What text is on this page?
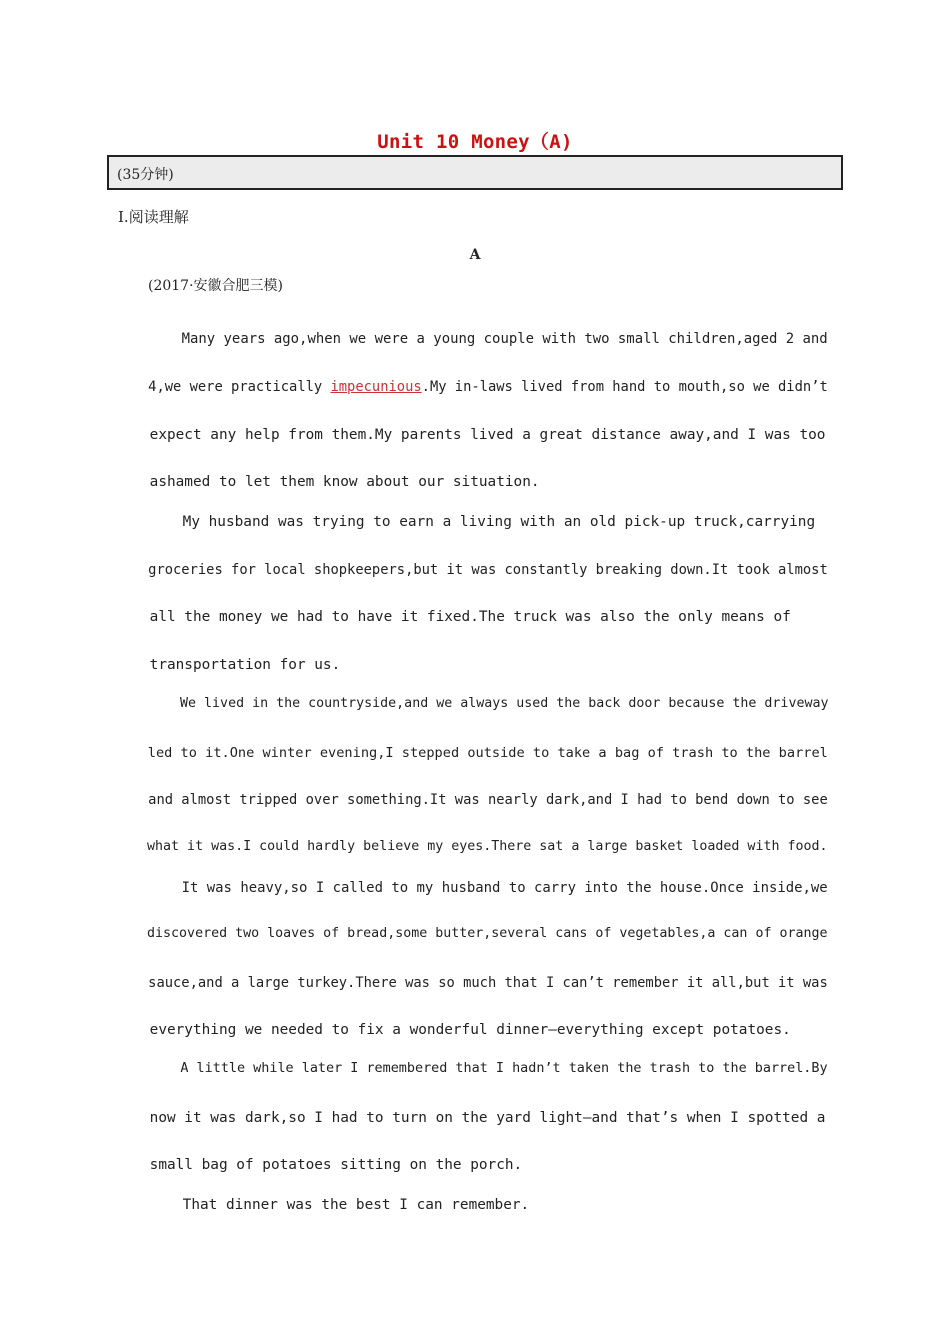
Unit 10 Money（A)
(35分钟)
Ⅰ.阅读理解
A
(2017·安徽合肥三模)

Many years ago,when we were a young couple with two small children,aged 2 and

4,we were practically impecunious.My in-laws lived from hand to mouth,so we didn’t

expect any help from them.My parents lived a great distance away,and I was too

ashamed to let them know about our situation.

My husband was trying to earn a living with an old pick-up truck,carrying

groceries for local shopkeepers,but it was constantly breaking down.It took almost

all the money we had to have it fixed.The truck was also the only means of

transportation for us.

We lived in the countryside,and we always used the back door because the driveway

led to it.One winter evening,I stepped outside to take a bag of trash to the barrel

and almost tripped over something.It was nearly dark,and I had to bend down to see

what it was.I could hardly believe my eyes.There sat a large basket loaded with food.

It was heavy,so I called to my husband to carry into the house.Once inside,we

discovered two loaves of bread,some butter,several cans of vegetables,a can of orange

sauce,and a large turkey.There was so much that I can’t remember it all,but it was

everything we needed to fix a wonderful dinner—everything except potatoes.

A little while later I remembered that I hadn’t taken the trash to the barrel.By

now it was dark,so I had to turn on the yard light—and that’s when I spotted a

small bag of potatoes sitting on the porch.

That dinner was the best I can remember.
